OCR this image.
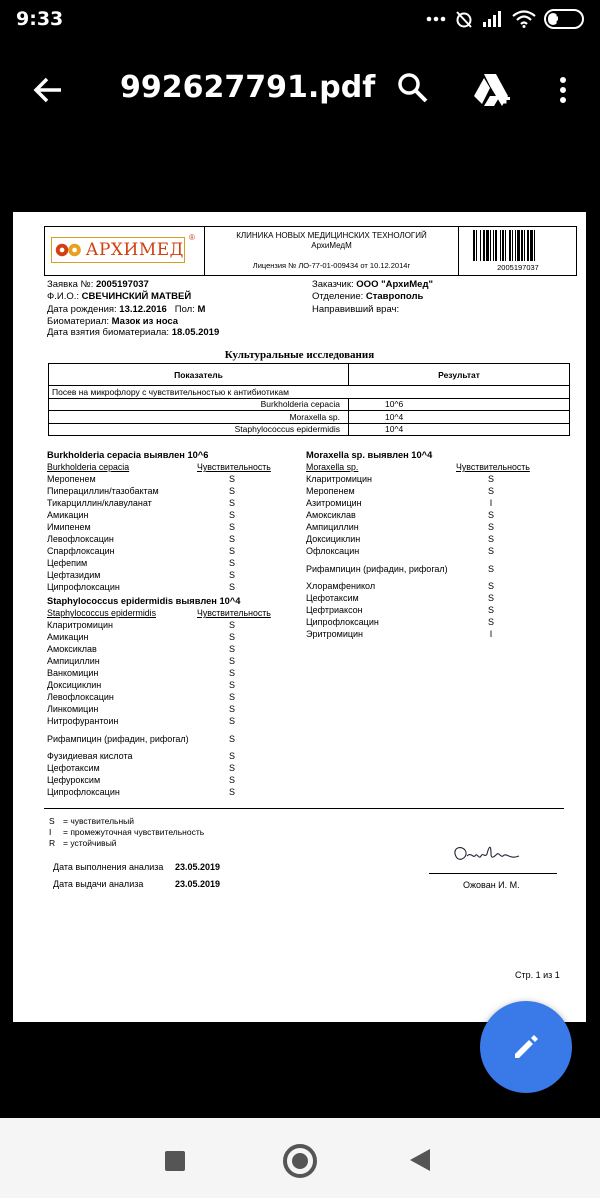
9:33	29
992627791.pdf
АРХИМЕД
®	КЛИНИКА НОВЫХ МЕДИЦИНСКИХ ТЕХНОЛОГИЙ
АрхиМедМ
Лицензия № ЛО-77-01-009434 от 10.12.2014г	2005197037
Заявка №: 2005197037
Ф.И.О.: СВЕЧИНСКИЙ МАТВЕЙ
Дата рождения: 13.12.2016 Пол: М
Биоматериал: Мазок из носа
Дата взятия биоматериала: 18.05.2019
Заказчик: ООО "АрхиМед"
Отделение: Ставрополь
Направивший врач:
Культуральные исследования
Показатель	Результат
Посев на микрофлору с чувствительностью к антибиотикам	
Burkholderia cepacia	10^6
Moraxella sp.	10^4
Staphylococcus epidermidis	10^4
Burkholderia cepacia выявлен 10^6
Burkholderia cepacia	Чувствительность
Меропенем	S
Пиперациллин/тазобактам	S
Тикарциллин/клавуланат	S
Амикацин	S
Имипенем	S
Левофлоксацин	S
Спарфлоксацин	S
Цефепим	S
Цефтазидим	S
Ципрофлоксацин	S
Staphylococcus epidermidis выявлен 10^4
Staphylococcus epidermidis	Чувствительность
Кларитромицин	S
Амикацин	S
Амоксиклав	S
Ампициллин	S
Ванкомицин	S
Доксициклин	S
Левофлоксацин	S
Линкомицин	S
Нитрофурантоин	S
Рифампицин (рифадин, рифогал)	S
Фузидиевая кислота	S
Цефотаксим	S
Цефуроксим	S
Ципрофлоксацин	S
Moraxella sp. выявлен 10^4
Moraxella sp.	Чувствительность
Кларитромицин	S
Меропенем	S
Азитромицин	I
Амоксиклав	S
Ампициллин	S
Доксициклин	S
Офлоксацин	S
Рифампицин (рифадин, рифогал)	S
Хлорамфеникол	S
Цефотаксим	S
Цефтриаксон	S
Ципрофлоксацин	S
Эритромицин	I
S = чувствительный
I	= промежуточная чувствительность
R = устойчивый
Дата выполнения анализа	23.05.2019
Дата выдачи анализа	23.05.2019	Ожован И. М.
Стр. 1 из 1
